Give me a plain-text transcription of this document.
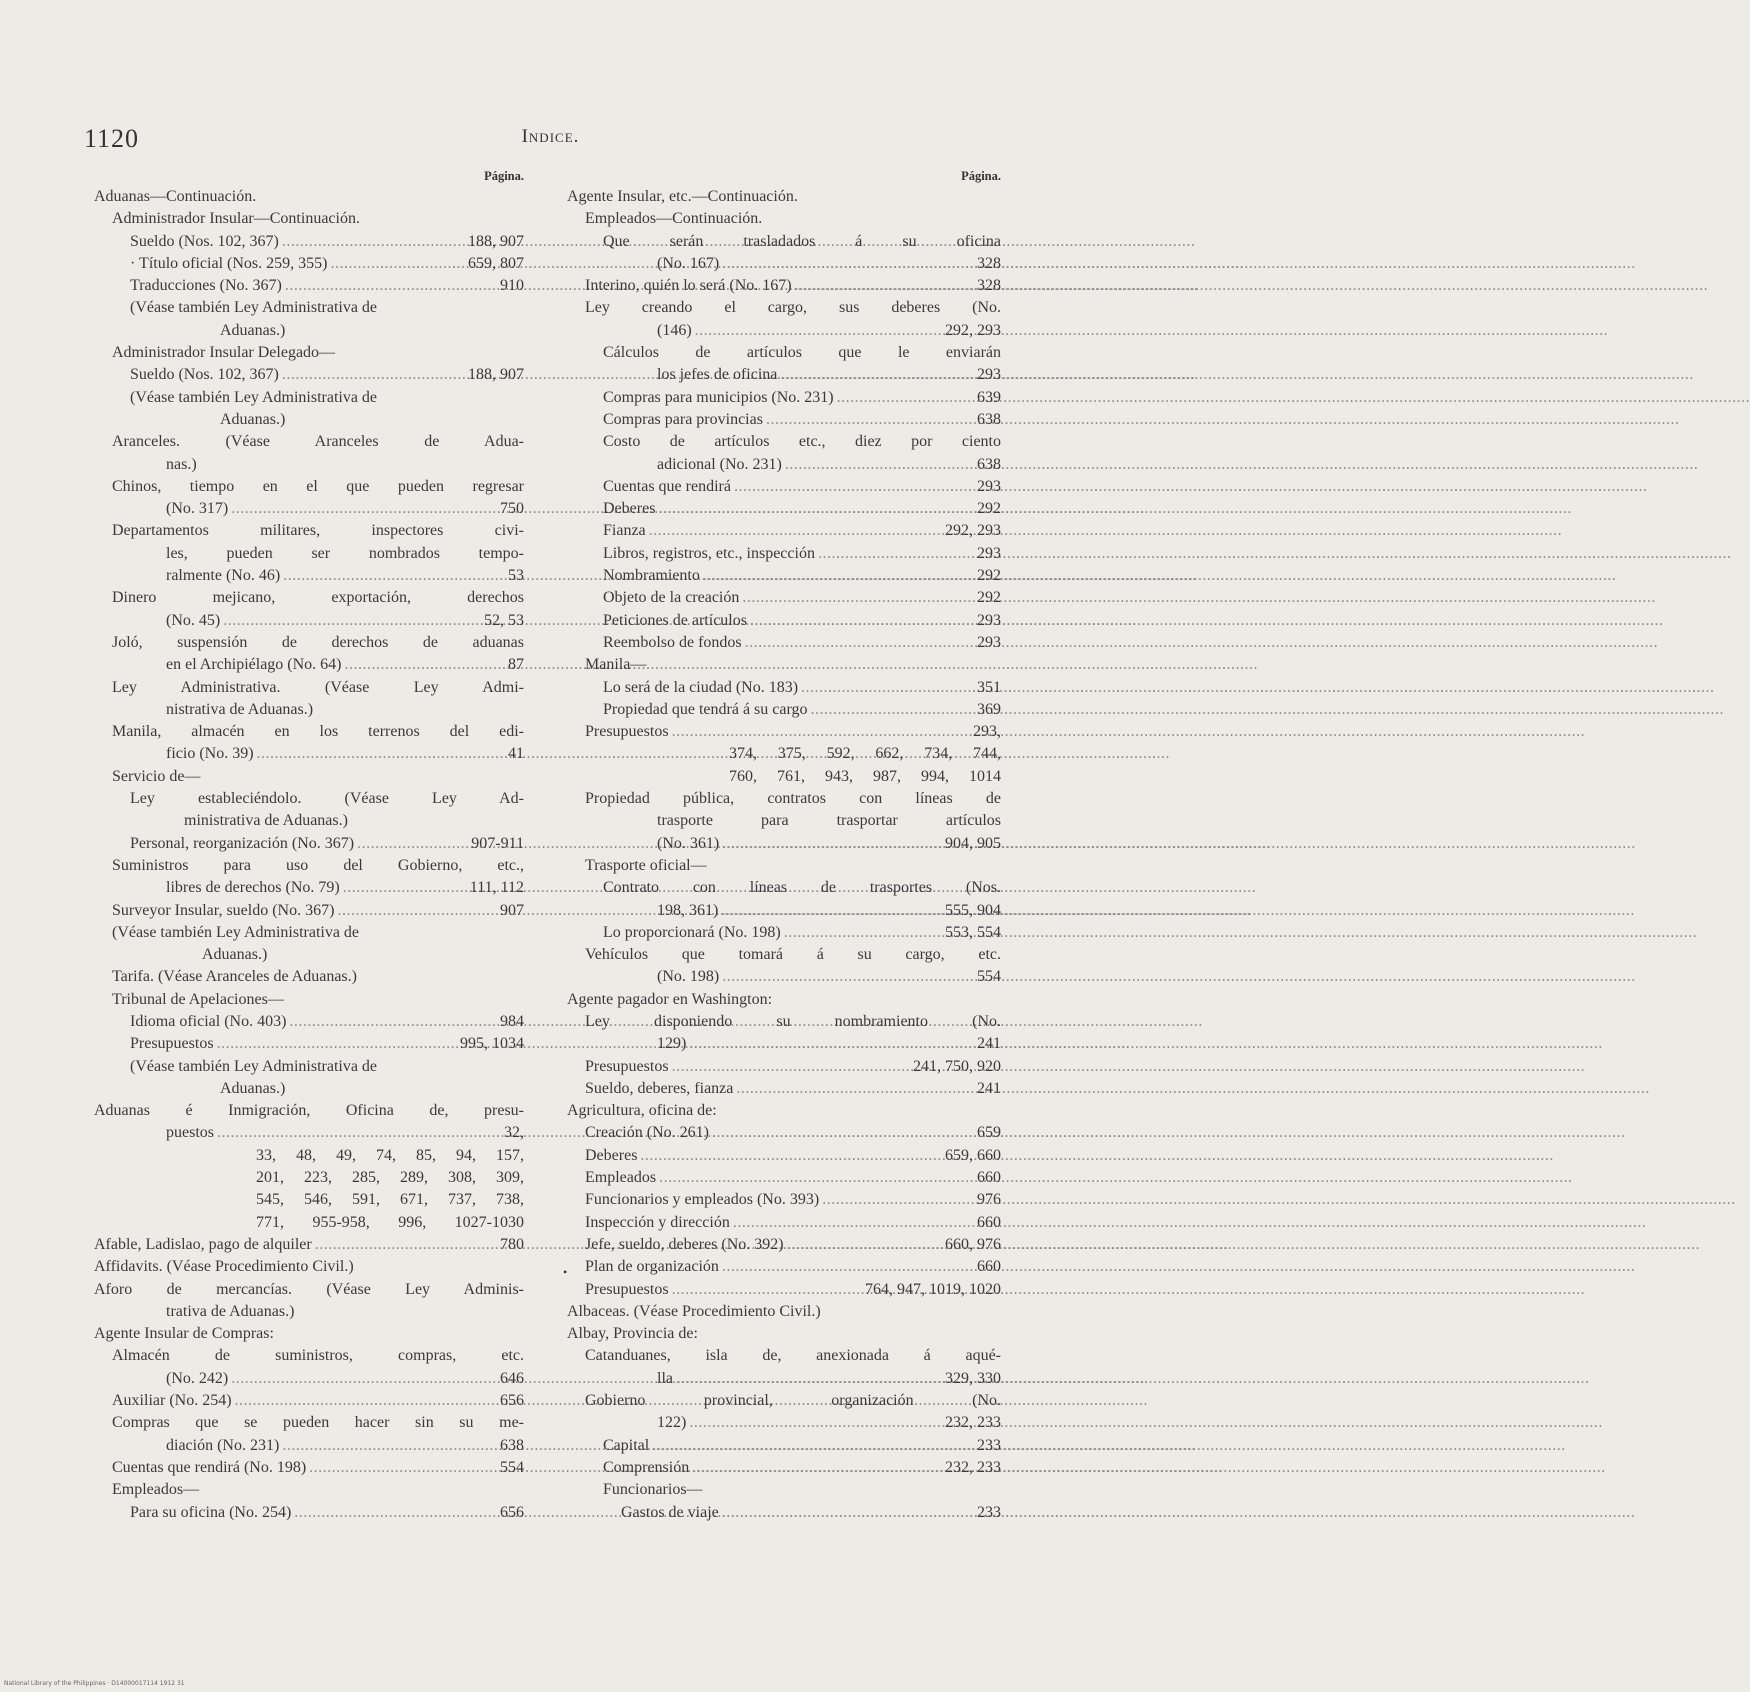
1120	Indice.
Página.
Aduanas—Continuación.
Administrador Insular—Continuación.
Sueldo (Nos. 102, 367) .....	188, 907
· Título oficial (Nos. 259, 355) .....	659, 807
Traducciones (No. 367) .....	910
(Véase también Ley Administrativa de
Aduanas.)
Administrador Insular Delegado—
Sueldo (Nos. 102, 367) .....	188, 907
(Véase también Ley Administrativa de
Aduanas.)
Aranceles. (Véase Aranceles de Adua-
nas.)
Chinos, tiempo en el que pueden regresar
(No. 317) .....	750
Departamentos militares, inspectores civi-
les, pueden ser nombrados tempo-
ralmente (No. 46) .....	53
Dinero mejicano, exportación, derechos
(No. 45) .....	52, 53
Joló, suspensión de derechos de aduanas
en el Archipiélago (No. 64) .....	87
Ley Administrativa. (Véase Ley Admi-
nistrativa de Aduanas.)
Manila, almacén en los terrenos del edi-
ficio (No. 39) .....	41
Servicio de—
Ley estableciéndolo. (Véase Ley Ad-
ministrativa de Aduanas.)
Personal, reorganización (No. 367) .....	907-911
Suministros para uso del Gobierno, etc.,
libres de derechos (No. 79) .....	111, 112
Surveyor Insular, sueldo (No. 367) .....	907
(Véase también Ley Administrativa de
Aduanas.)
Tarifa. (Véase Aranceles de Aduanas.)
Tribunal de Apelaciones—
Idioma oficial (No. 403) .....	984
Presupuestos .....	995, 1034
(Véase también Ley Administrativa de
Aduanas.)
Aduanas é Inmigración, Oficina de, presu-
puestos .....	32,
33, 48, 49, 74, 85, 94, 157,
201, 223, 285, 289, 308, 309,
545, 546, 591, 671, 737, 738,
771, 955-958, 996, 1027-1030
Afable, Ladislao, pago de alquiler .....	780
Affidavits. (Véase Procedimiento Civil.)
Aforo de mercancías. (Véase Ley Adminis-
trativa de Aduanas.)
Agente Insular de Compras:
Almacén de suministros, compras, etc.
(No. 242) .....	646
Auxiliar (No. 254) .....	656
Compras que se pueden hacer sin su me-
diación (No. 231) .....	638
Cuentas que rendirá (No. 198) .....	554
Empleados—
Para su oficina (No. 254) .....	656
Página.
Agente Insular, etc.—Continuación.
Empleados—Continuación.
Que serán trasladados á su oficina
(No. 167) .....	328
Interino, quién lo será (No. 167) .....	328
Ley creando el cargo, sus deberes (No.
(146) .....	292, 293
Cálculos de artículos que le enviarán
los jefes de oficina .....	293
Compras para municipios (No. 231) .....	639
Compras para provincias .....	638
Costo de artículos etc., diez por ciento
adicional (No. 231) .....	638
Cuentas que rendirá .....	293
Deberes .....	292
Fianza .....	292, 293
Libros, registros, etc., inspección .....	293
Nombramiento .....	292
Objeto de la creación .....	292
Peticiones de artículos .....	293
Reembolso de fondos .....	293
Manila—
Lo será de la ciudad (No. 183) .....	351
Propiedad que tendrá á su cargo .....	369
Presupuestos .....	293,
374, 375, 592, 662, 734, 744,
760, 761, 943, 987, 994, 1014
Propiedad pública, contratos con líneas de
trasporte para trasportar artículos
(No. 361) .....	904, 905
Trasporte oficial—
Contrato con líneas de trasportes (Nos.
198, 361) .....	555, 904
Lo proporcionará (No. 198) .....	553, 554
Vehículos que tomará á su cargo, etc.
(No. 198) .....	554
Agente pagador en Washington:
Ley disponiendo su nombramiento (No.
129) .....	241
Presupuestos .....	241, 750, 920
Sueldo, deberes, fianza .....	241
Agricultura, oficina de:
Creación (No. 261) .....	659
Deberes .....	659, 660
Empleados .....	660
Funcionarios y empleados (No. 393) .....	976
Inspección y dirección .....	660
Jefe, sueldo, deberes (No. 392) .....	660, 976
Plan de organización .....	660
Presupuestos .....	764, 947, 1019, 1020
Albaceas. (Véase Procedimiento Civil.)
Albay, Provincia de:
Catanduanes, isla de, anexionada á aqué-
lla .....	329, 330
Gobierno provincial, organización (No.
122) .....	232, 233
Capital .....	233
Comprensión .....	232, 233
Funcionarios—
Gastos de viaje .....	233
•
National Library of the Philippines · D14000017114 1912 31
